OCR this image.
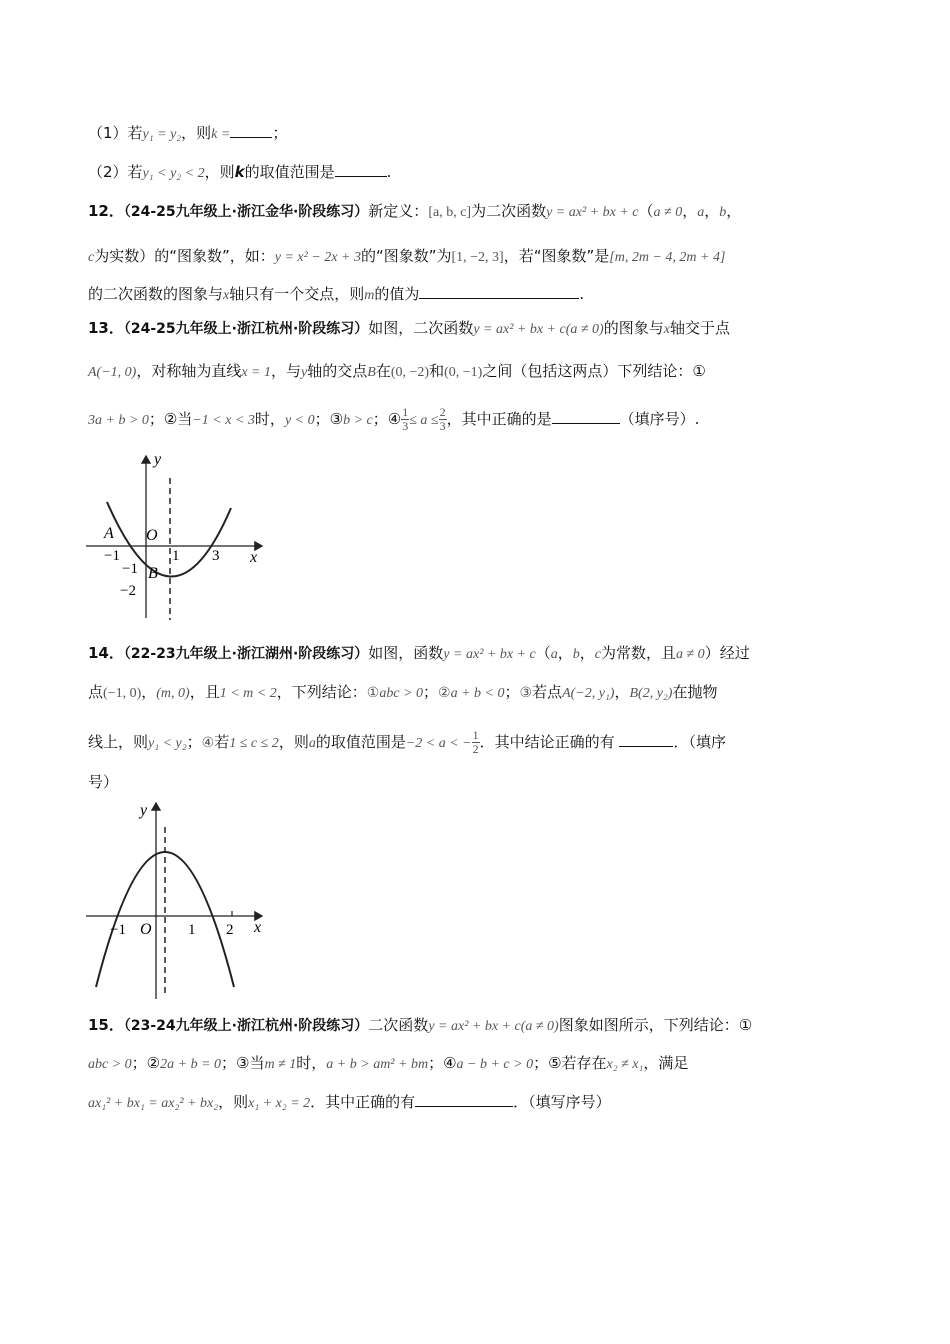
（1）若y₁ = y₂，则k =	；
（2）若y₁ < y₂ < 2，则k的取值范围是	.
12．（24-25九年级上·浙江金华·阶段练习）新定义：[a, b, c]为二次函数y = ax² + bx + c（a ≠ 0，a，b，
c为实数）的“图象数”，如：y = x² − 2x + 3的“图象数”为[1, −2, 3]，若“图象数”是[m, 2m − 4, 2m + 4]
的二次函数的图象与x轴只有一个交点，则m的值为	.
13．（24-25九年级上·浙江杭州·阶段练习）如图，二次函数y = ax² + bx + c(a ≠ 0)的图象与x轴交于点
A(−1, 0)，对称轴为直线x = 1，与y轴的交点B在(0, −2)和(0, −1)之间（包括这两点）下列结论：①
3a + b > 0；②当−1 < x < 3时，y < 0；③b > c；④ $\frac{1}{3} \le a \le \frac{2}{3}$ ，其中正确的是	（填序号）.
y
x
A O
−1	1 3
−1 B
−2
14．（22-23九年级上·浙江湖州·阶段练习）如图，函数y = ax² + bx + c（a，b，c为常数，且a ≠ 0）经过
点(−1, 0)，(m, 0)，且1 < m < 2，下列结论：①abc > 0；②a + b < 0；③若点A(−2, y₁)，B(2, y₂)在抛物
线上，则y₁ < y₂；④若1 ≤ c ≤ 2，则a的取值范围是−2 < a < − $\frac{1}{2}$ ．其中结论正确的有	．（填序
号）
y
x
−1 O 1 2
15．（23-24九年级上·浙江杭州·阶段练习）二次函数y = ax² + bx + c(a ≠ 0)图象如图所示，下列结论：①
abc > 0；②2a + b = 0；③当m ≠ 1时，a + b > am² + bm；④a − b + c > 0；⑤若存在x₂ ≠ x₁，满足
ax₁² + bx₁ = ax₂² + bx₂，则x₁ + x₂ = 2．其中正确的有	．（填写序号）
